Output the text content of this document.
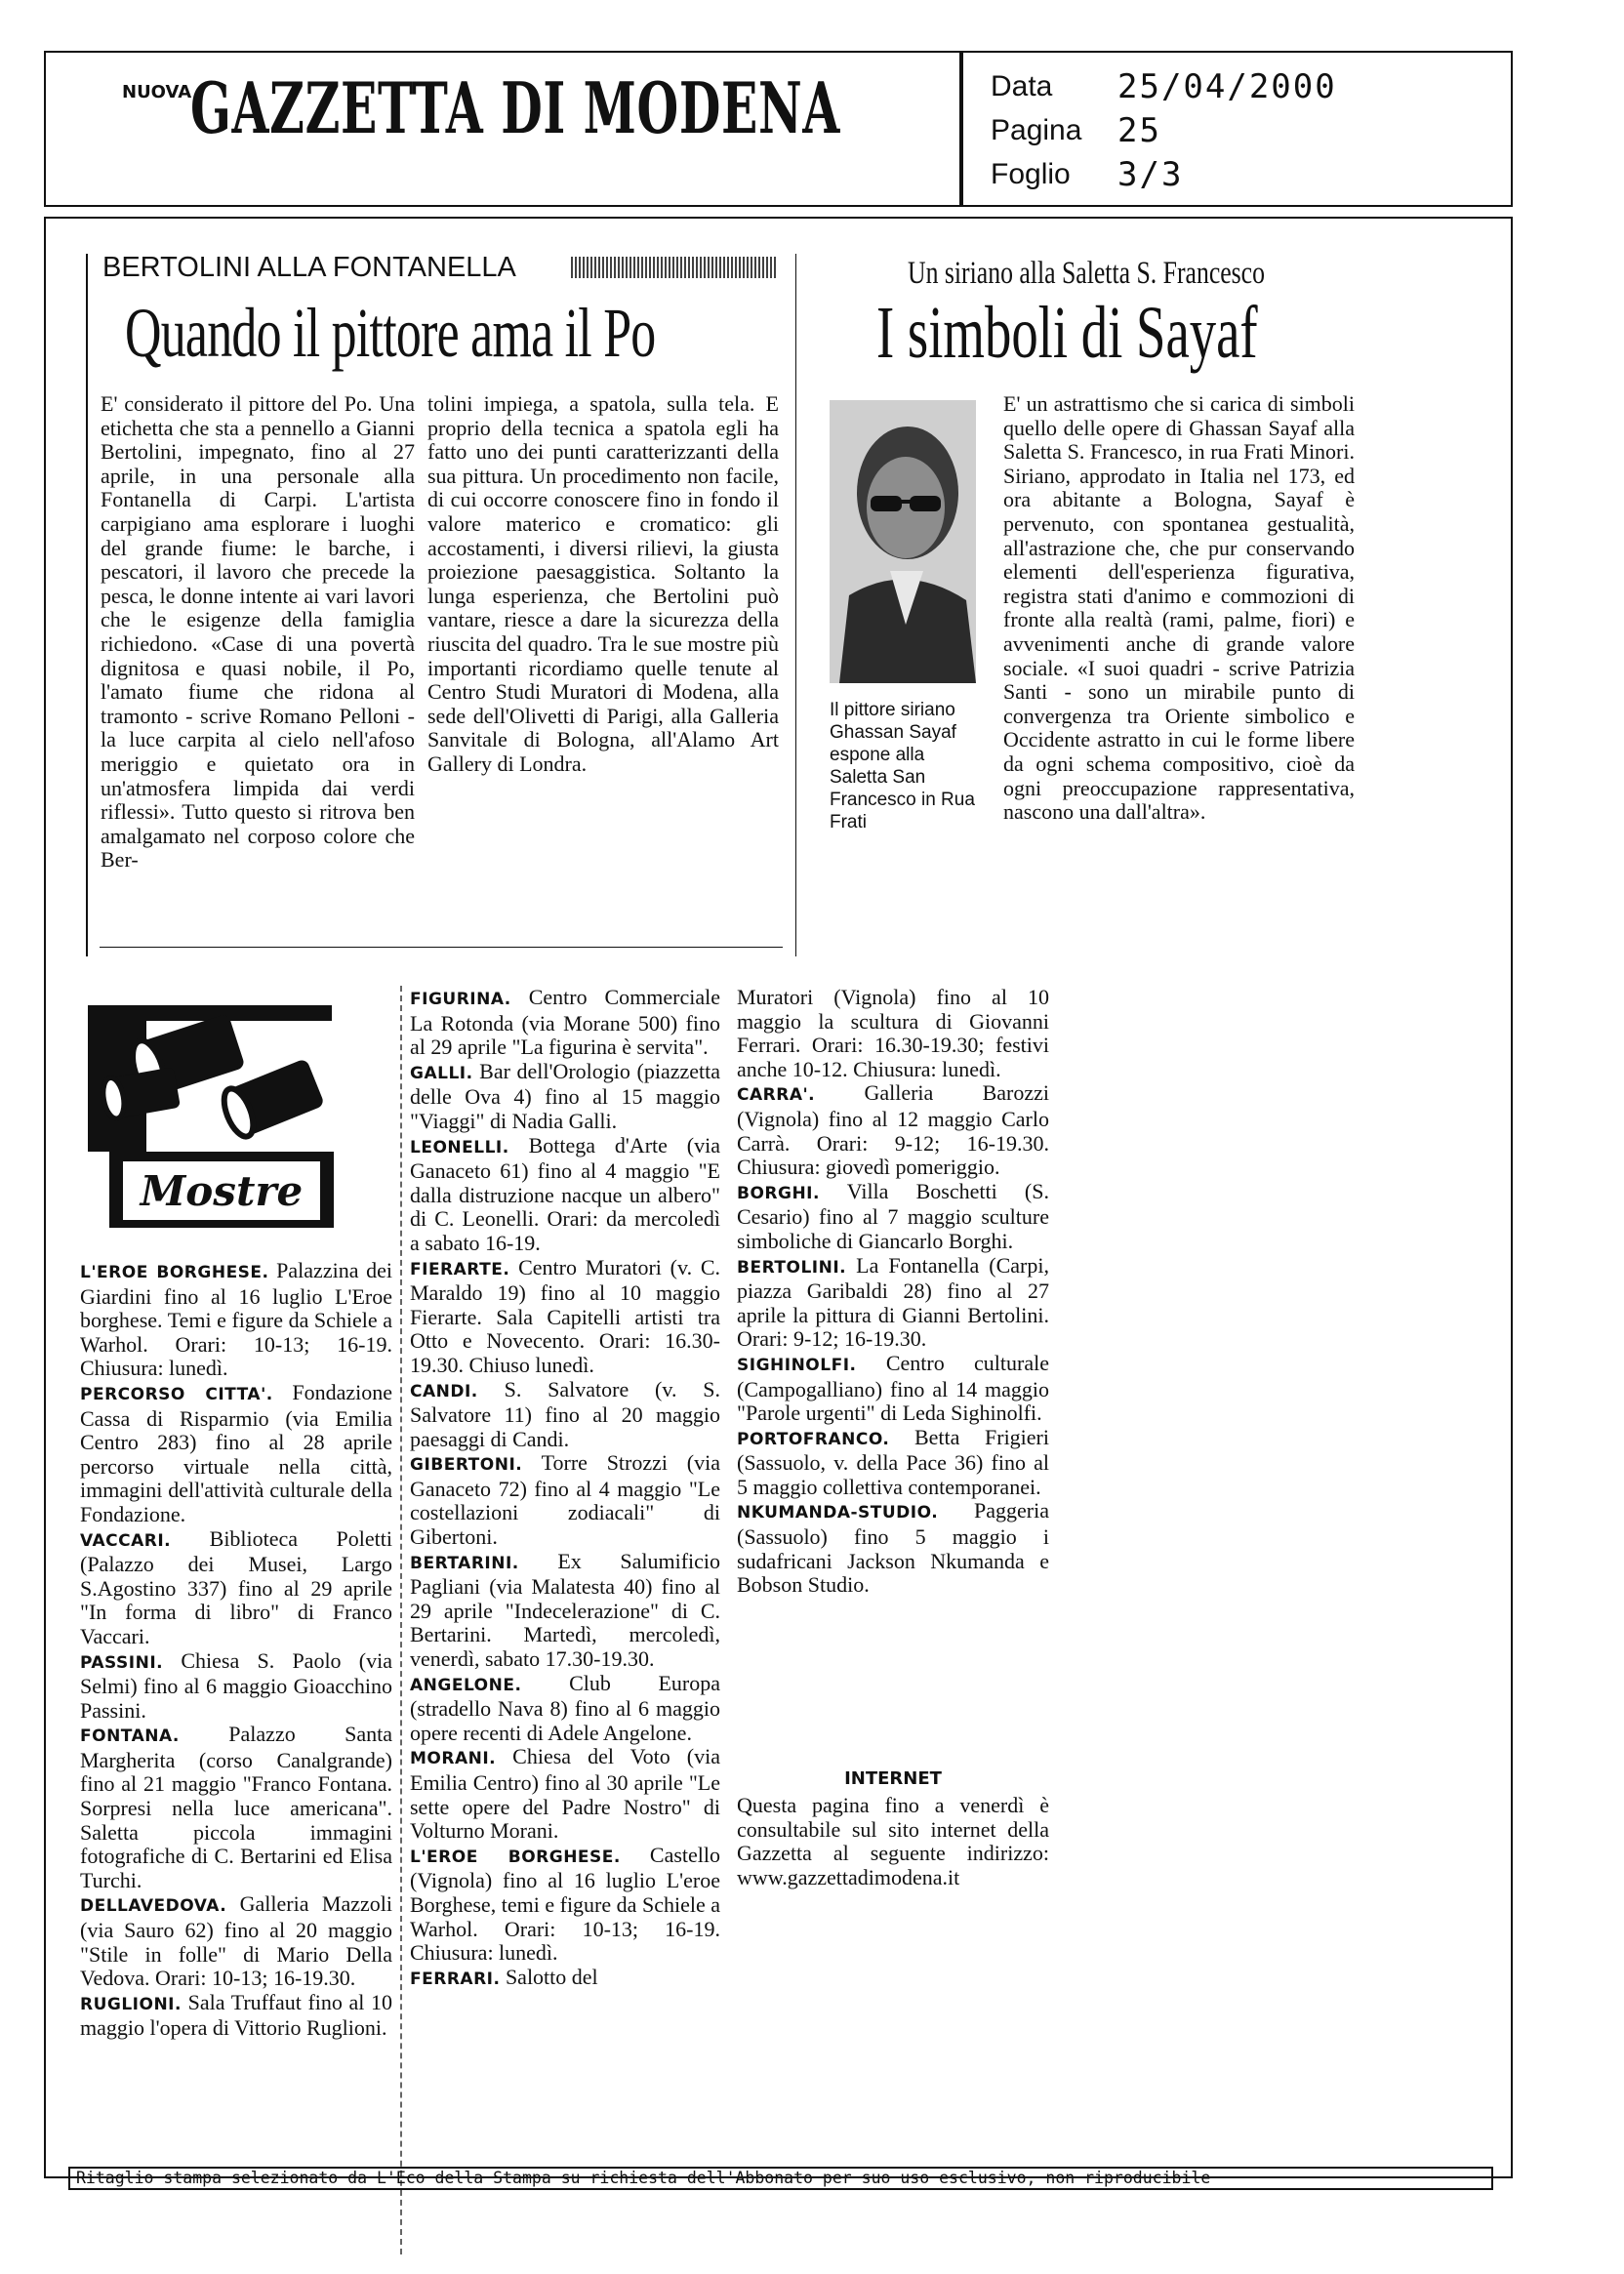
NUOVA
GAZZETTA DI MODENA	Data 25/04/2000
Pagina 25
Foglio 3/3
BERTOLINI ALLA FONTANELLA
Quando il pittore ama il Po
E' considerato il pittore del Po. Una etichetta che sta a pennello a Gianni Bertolini, impegnato, fino al 27 aprile, in una personale alla Fontanella di Carpi. L'artista carpigiano ama esplorare i luoghi del grande fiume: le barche, i pescatori, il lavoro che precede la pesca, le donne intente ai vari lavori che le esigenze della famiglia richiedono. «Case di una povertà dignitosa e quasi nobile, il Po, l'amato fiume che ridona al tramonto - scrive Romano Pelloni - la luce carpita al cielo nell'afoso meriggio e quietato ora in un'atmosfera limpida dai verdi riflessi». Tutto questo si ritrova ben amalgamato nel corposo colore che Ber-
tolini impiega, a spatola, sulla tela. E proprio della tecnica a spatola egli ha fatto uno dei punti caratterizzanti della sua pittura. Un procedimento non facile, di cui occorre conoscere fino in fondo il valore materico e cromatico: gli accostamenti, i diversi rilievi, la giusta proiezione paesaggistica. Soltanto la lunga esperienza, che Bertolini può vantare, riesce a dare la sicurezza della riuscita del quadro. Tra le sue mostre più importanti ricordiamo quelle tenute al Centro Studi Muratori di Modena, alla sede dell'Olivetti di Parigi, alla Galleria Sanvitale di Bologna, all'Alamo Art Gallery di Londra.
Un siriano alla Saletta S. Francesco
I simboli di Sayaf
Il pittore siriano Ghassan Sayaf espone alla Saletta San Francesco in Rua Frati
E' un astrattismo che si carica di simboli quello delle opere di Ghassan Sayaf alla Saletta S. Francesco, in rua Frati Minori. Siriano, approdato in Italia nel 173, ed ora abitante a Bologna, Sayaf è pervenuto, con spontanea gestualità, all'astrazione che, che pur conservando elementi dell'esperienza figurativa, registra stati d'animo e commozioni di fronte alla realtà (rami, palme, fiori) e avvenimenti anche di grande valore sociale. «I suoi quadri - scrive Patrizia Santi - sono un mirabile punto di convergenza tra Oriente simbolico e Occidente astratto in cui le forme libere da ogni schema compositivo, cioè da ogni preoccupazione rappresentativa, nascono una dall'altra».
Mostre
L'EROE BORGHESE. Palazzina dei Giardini fino al 16 luglio L'Eroe borghese. Temi e figure da Schiele a Warhol. Orari: 10-13; 16-19. Chiusura: lunedì.
PERCORSO CITTA'. Fondazione Cassa di Risparmio (via Emilia Centro 283) fino al 28 aprile percorso virtuale nella città, immagini dell'attività culturale della Fondazione.
VACCARI. Biblioteca Poletti (Palazzo dei Musei, Largo S.Agostino 337) fino al 29 aprile "In forma di libro" di Franco Vaccari.
PASSINI. Chiesa S. Paolo (via Selmi) fino al 6 maggio Gioacchino Passini.
FONTANA. Palazzo Santa Margherita (corso Canalgrande) fino al 21 maggio "Franco Fontana. Sorpresi nella luce americana". Saletta piccola immagini fotografiche di C. Bertarini ed Elisa Turchi.
DELLAVEDOVA. Galleria Mazzoli (via Sauro 62) fino al 20 maggio "Stile in folle" di Mario Della Vedova. Orari: 10-13; 16-19.30.
RUGLIONI. Sala Truffaut fino al 10 maggio l'opera di Vittorio Ruglioni.
FIGURINA. Centro Commerciale La Rotonda (via Morane 500) fino al 29 aprile "La figurina è servita".
GALLI. Bar dell'Orologio (piazzetta delle Ova 4) fino al 15 maggio "Viaggi" di Nadia Galli.
LEONELLI. Bottega d'Arte (via Ganaceto 61) fino al 4 maggio "E dalla distruzione nacque un albero" di C. Leonelli. Orari: da mercoledì a sabato 16-19.
FIERARTE. Centro Muratori (v. C. Maraldo 19) fino al 10 maggio Fierarte. Sala Capitelli artisti tra Otto e Novecento. Orari: 16.30-19.30. Chiuso lunedì.
CANDI. S. Salvatore (v. S. Salvatore 11) fino al 20 maggio paesaggi di Candi.
GIBERTONI. Torre Strozzi (via Ganaceto 72) fino al 4 maggio "Le costellazioni zodiacali" di Gibertoni.
BERTARINI. Ex Salumificio Pagliani (via Malatesta 40) fino al 29 aprile "Indecelerazione" di C. Bertarini. Martedì, mercoledì, venerdì, sabato 17.30-19.30.
ANGELONE. Club Europa (stradello Nava 8) fino al 6 maggio opere recenti di Adele Angelone.
MORANI. Chiesa del Voto (via Emilia Centro) fino al 30 aprile "Le sette opere del Padre Nostro" di Volturno Morani.
L'EROE BORGHESE. Castello (Vignola) fino al 16 luglio L'eroe Borghese, temi e figure da Schiele a Warhol. Orari: 10-13; 16-19. Chiusura: lunedì.
FERRARI. Salotto del
Muratori (Vignola) fino al 10 maggio la scultura di Giovanni Ferrari. Orari: 16.30-19.30; festivi anche 10-12. Chiusura: lunedì.
CARRA'. Galleria Barozzi (Vignola) fino al 12 maggio Carlo Carrà. Orari: 9-12; 16-19.30. Chiusura: giovedì pomeriggio.
BORGHI. Villa Boschetti (S. Cesario) fino al 7 maggio sculture simboliche di Giancarlo Borghi.
BERTOLINI. La Fontanella (Carpi, piazza Garibaldi 28) fino al 27 aprile la pittura di Gianni Bertolini. Orari: 9-12; 16-19.30.
SIGHINOLFI. Centro culturale (Campogalliano) fino al 14 maggio "Parole urgenti" di Leda Sighinolfi.
PORTOFRANCO. Betta Frigieri (Sassuolo, v. della Pace 36) fino al 5 maggio collettiva contemporanei.
NKUMANDA-STUDIO. Paggeria (Sassuolo) fino 5 maggio i sudafricani Jackson Nkumanda e Bobson Studio.
INTERNET
Questa pagina fino a venerdì è consultabile sul sito internet della Gazzetta al seguente indirizzo: www.gazzettadimodena.it
Ritaglio stampa selezionato da L'Eco della Stampa su richiesta dell'Abbonato per suo uso esclusivo, non riproducibile
